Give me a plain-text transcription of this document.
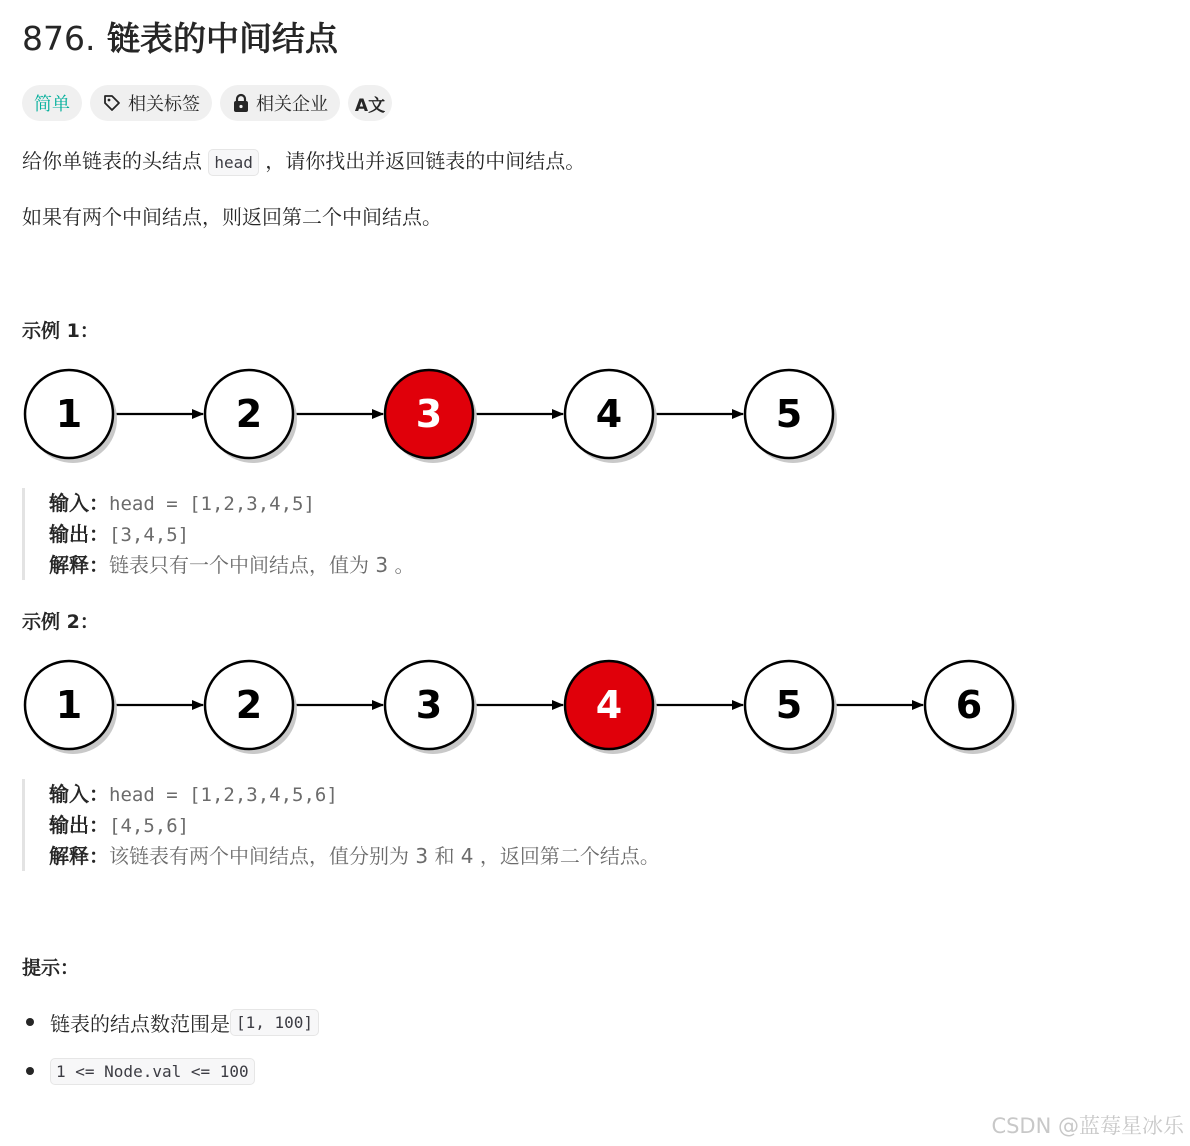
876. 链表的中间结点
简单	相关标签	相关企业 A文

给你单链表的头结点 head ，请你找出并返回链表的中间结点。

如果有两个中间结点，则返回第二个中间结点。

示例 1：

1	2	3	4	5
输入：head = [1,2,3,4,5]
输出：[3,4,5]
解释：链表只有一个中间结点，值为 3 。

示例 2：

1	2	3	4	5	6
输入：head = [1,2,3,4,5,6]
输出：[4,5,6]
解释：该链表有两个中间结点，值分别为 3 和 4 ，返回第二个结点。

提示：

链表的结点数范围是 [1, 100]
1 <= Node.val <= 100
CSDN @蓝莓星冰乐
